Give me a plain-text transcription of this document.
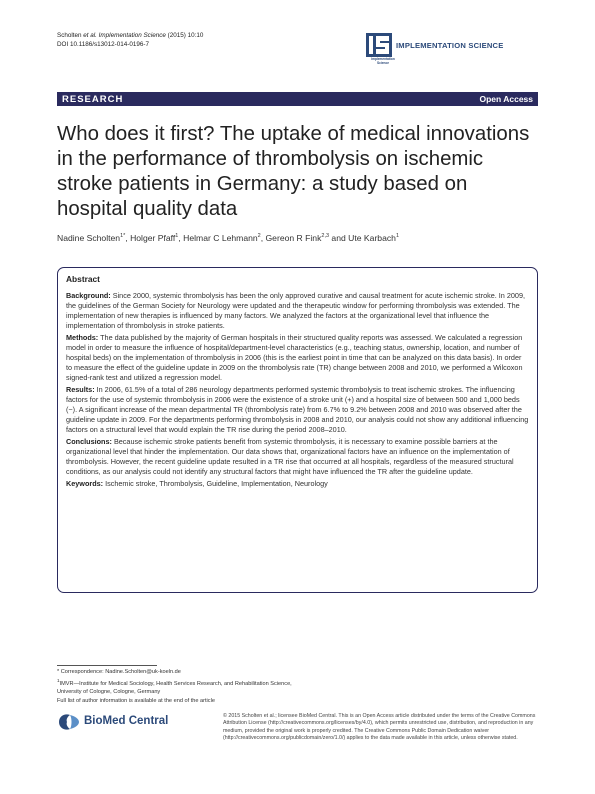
Scholten et al. Implementation Science (2015) 10:10
DOI 10.1186/s13012-014-0196-7	IMPLEMENTATION SCIENCE
Implementation Science
RESEARCH	Open Access
Who does it first? The uptake of medical innovations in the performance of thrombolysis on ischemic stroke patients in Germany: a study based on hospital quality data
Nadine Scholten$^{1*}$, Holger Pfaff$^1$, Helmar C Lehmann$^2$, Gereon R Fink$^{2,3}$ and Ute Karbach$^1$
Abstract

Background: Since 2000, systemic thrombolysis has been the only approved curative and causal treatment for acute ischemic stroke. In 2009, the guidelines of the German Society for Neurology were updated and the therapeutic window for performing thrombolysis was extended. The implementation of new therapies is influenced by many factors. We analyzed the factors at the organizational level that influence the implementation of thrombolysis in stroke patients.

Methods: The data published by the majority of German hospitals in their structured quality reports was assessed. We calculated a regression model in order to measure the influence of hospital/department-level characteristics (e.g., teaching status, ownership, location, and number of hospital beds) on the implementation of thrombolysis in 2006 (this is the earliest point in time that can be analyzed on this data basis). In order to measure the effect of the guideline update in 2009 on the thrombolysis rate (TR) change between 2008 and 2010, we performed a Wilcoxon signed-rank test and utilized a regression model.

Results: In 2006, 61.5% of a total of 286 neurology departments performed systemic thrombolysis to treat ischemic strokes. The influencing factors for the use of systemic thrombolysis in 2006 were the existence of a stroke unit (+) and a hospital size of between 500 and 1,000 beds (−). A significant increase of the mean departmental TR (thrombolysis rate) from 6.7% to 9.2% between 2008 and 2010 was observed after the guideline update in 2009. For the departments performing thrombolysis in 2008 and 2010, our analysis could not show any additional influencing factors on a structural level that would explain the TR rise during the period 2008–2010.

Conclusions: Because ischemic stroke patients benefit from systemic thrombolysis, it is necessary to examine possible barriers at the organizational level that hinder the implementation. Our data shows that, organizational factors have an influence on the implementation of thrombolysis. However, the recent guideline update resulted in a TR rise that occurred at all hospitals, regardless of the measured structural conditions, as our analysis could not identify any structural factors that might have influenced the TR after the guideline update.

Keywords: Ischemic stroke, Thrombolysis, Guideline, Implementation, Neurology

* Correspondence: Nadine.Scholten@uk-koeln.de
$^1$IMVR—Institute for Medical Sociology, Health Services Research, and Rehabilitation Science, University of Cologne, Cologne, Germany
Full list of author information is available at the end of the article
BioMed Central	© 2015 Scholten et al.; licensee BioMed Central. This is an Open Access article distributed under the terms of the Creative Commons Attribution License (http://creativecommons.org/licenses/by/4.0), which permits unrestricted use, distribution, and reproduction in any medium, provided the original work is properly credited. The Creative Commons Public Domain Dedication waiver (http://creativecommons.org/publicdomain/zero/1.0/) applies to the data made available in this article, unless otherwise stated.
